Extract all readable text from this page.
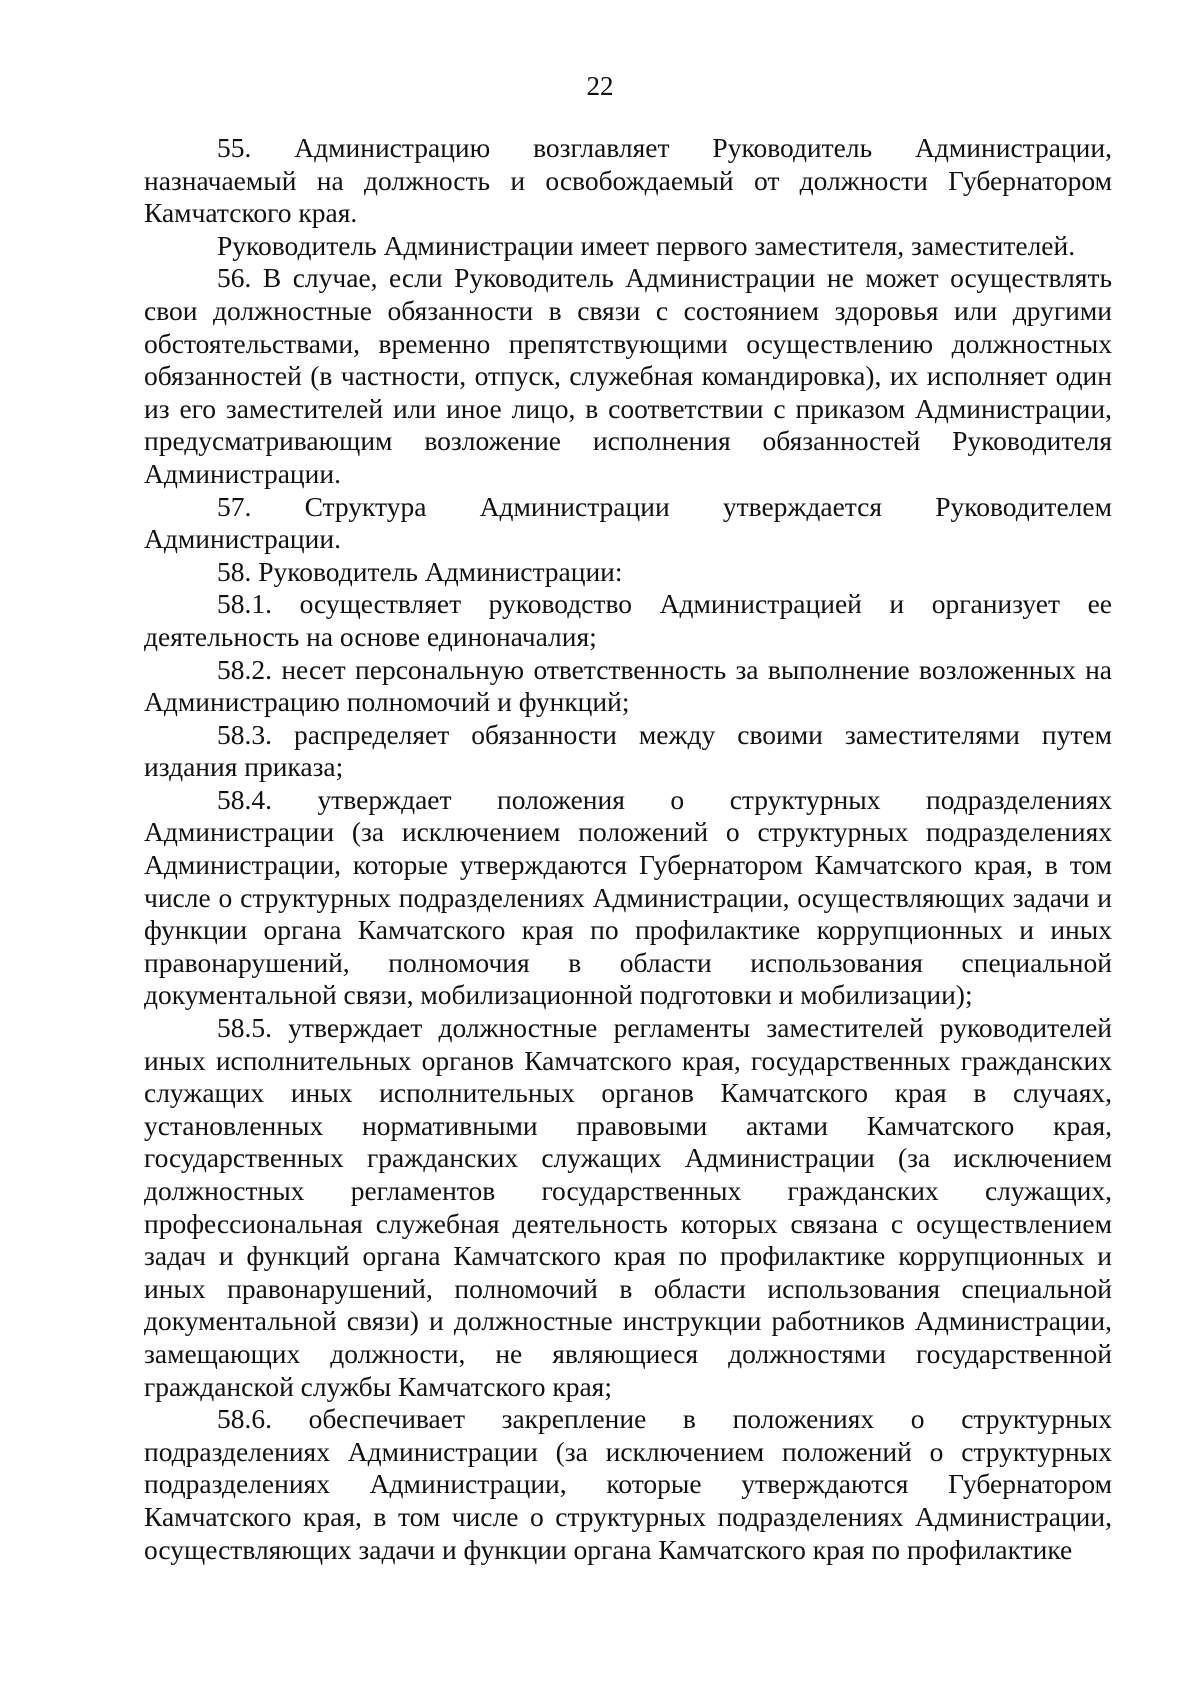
22

55. Администрацию возглавляет Руководитель Администрации, назначаемый на должность и освобождаемый от должности Губернатором Камчатского края.

Руководитель Администрации имеет первого заместителя, заместителей.

56. В случае, если Руководитель Администрации не может осуществлять свои должностные обязанности в связи с состоянием здоровья или другими обстоятельствами, временно препятствующими осуществлению должностных обязанностей (в частности, отпуск, служебная командировка), их исполняет один из его заместителей или иное лицо, в соответствии с приказом Администрации, предусматривающим возложение исполнения обязанностей Руководителя Администрации.

57. Структура Администрации утверждается Руководителем Администрации.

58. Руководитель Администрации:

58.1. осуществляет руководство Администрацией и организует ее деятельность на основе единоначалия;

58.2. несет персональную ответственность за выполнение возложенных на Администрацию полномочий и функций;

58.3. распределяет обязанности между своими заместителями путем издания приказа;

58.4. утверждает положения о структурных подразделениях Администрации (за исключением положений о структурных подразделениях Администрации, которые утверждаются Губернатором Камчатского края, в том числе о структурных подразделениях Администрации, осуществляющих задачи и функции органа Камчатского края по профилактике коррупционных и иных правонарушений, полномочия в области использования специальной документальной связи, мобилизационной подготовки и мобилизации);

58.5. утверждает должностные регламенты заместителей руководителей иных исполнительных органов Камчатского края, государственных гражданских служащих иных исполнительных органов Камчатского края в случаях, установленных нормативными правовыми актами Камчатского края, государственных гражданских служащих Администрации (за исключением должностных регламентов государственных гражданских служащих, профессиональная служебная деятельность которых связана с осуществлением задач и функций органа Камчатского края по профилактике коррупционных и иных правонарушений, полномочий в области использования специальной документальной связи) и должностные инструкции работников Администрации, замещающих должности, не являющиеся должностями государственной гражданской службы Камчатского края;

58.6. обеспечивает закрепление в положениях о структурных подразделениях Администрации (за исключением положений о структурных подразделениях Администрации, которые утверждаются Губернатором Камчатского края, в том числе о структурных подразделениях Администрации, осуществляющих задачи и функции органа Камчатского края по профилактике
